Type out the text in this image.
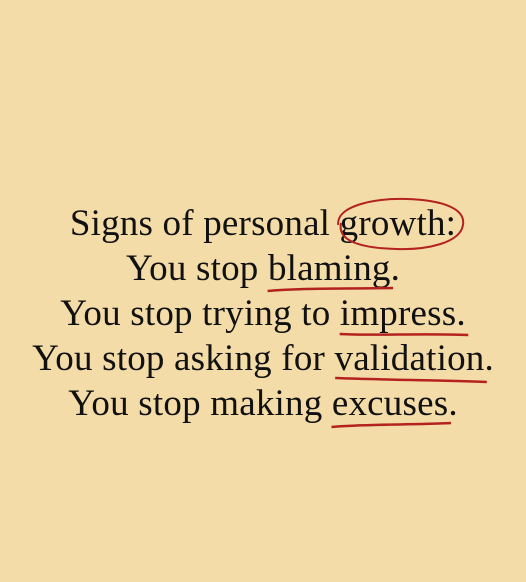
Signs of personal growth:
You stop blaming
.
You stop trying to impress.
You stop asking for validation
.
You stop making excuses
.
